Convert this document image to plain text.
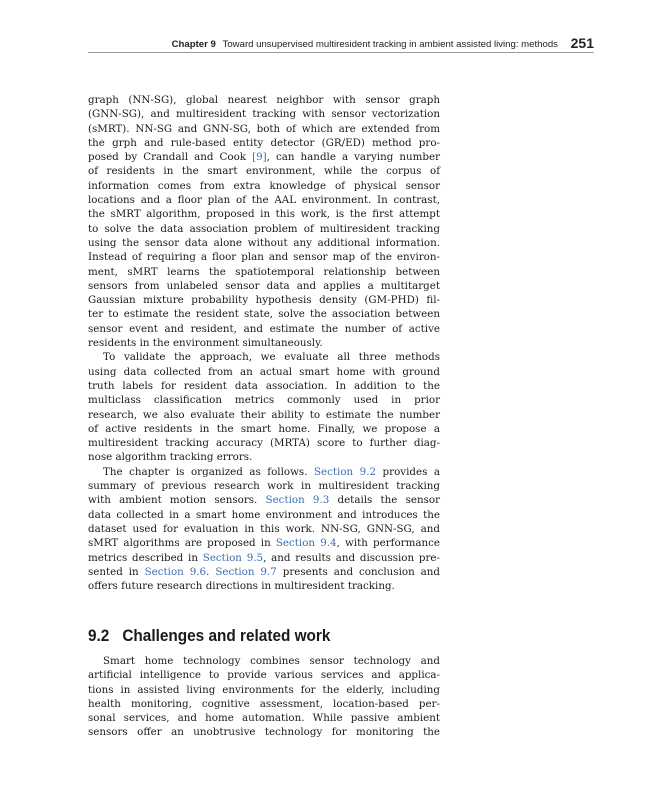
Chapter 9 Toward unsupervised multiresident tracking in ambient assisted living: methods 251
graph (NN-SG), global nearest neighbor with sensor graph
(GNN-SG), and multiresident tracking with sensor vectorization
(sMRT). NN-SG and GNN-SG, both of which are extended from
the grph and rule-based entity detector (GR/ED) method pro-
posed by Crandall and Cook [9], can handle a varying number
of residents in the smart environment, while the corpus of
information comes from extra knowledge of physical sensor
locations and a floor plan of the AAL environment. In contrast,
the sMRT algorithm, proposed in this work, is the first attempt
to solve the data association problem of multiresident tracking
using the sensor data alone without any additional information.
Instead of requiring a floor plan and sensor map of the environ-
ment, sMRT learns the spatiotemporal relationship between
sensors from unlabeled sensor data and applies a multitarget
Gaussian mixture probability hypothesis density (GM-PHD) fil-
ter to estimate the resident state, solve the association between
sensor event and resident, and estimate the number of active
residents in the environment simultaneously.
To validate the approach, we evaluate all three methods
using data collected from an actual smart home with ground
truth labels for resident data association. In addition to the
multiclass classification metrics commonly used in prior
research, we also evaluate their ability to estimate the number
of active residents in the smart home. Finally, we propose a
multiresident tracking accuracy (MRTA) score to further diag-
nose algorithm tracking errors.
The chapter is organized as follows. Section 9.2 provides a
summary of previous research work in multiresident tracking
with ambient motion sensors. Section 9.3 details the sensor
data collected in a smart home environment and introduces the
dataset used for evaluation in this work. NN-SG, GNN-SG, and
sMRT algorithms are proposed in Section 9.4, with performance
metrics described in Section 9.5, and results and discussion pre-
sented in Section 9.6. Section 9.7 presents and conclusion and
offers future research directions in multiresident tracking.
9.2 Challenges and related work
Smart home technology combines sensor technology and
artificial intelligence to provide various services and applica-
tions in assisted living environments for the elderly, including
health monitoring, cognitive assessment, location-based per-
sonal services, and home automation. While passive ambient
sensors offer an unobtrusive technology for monitoring the
